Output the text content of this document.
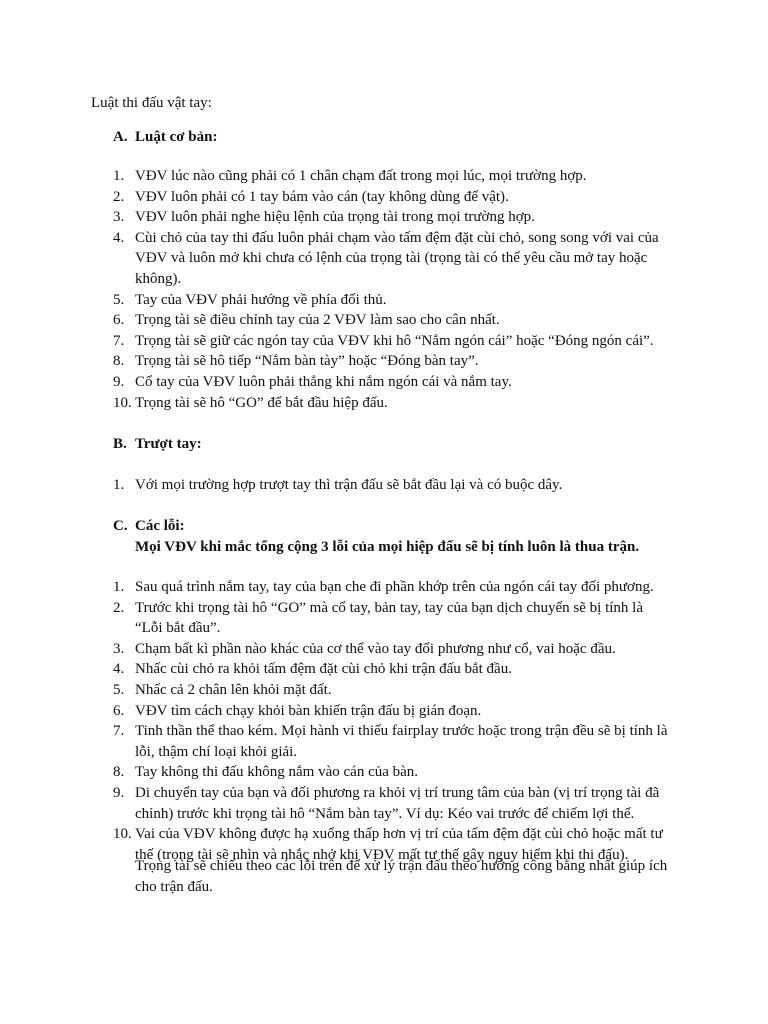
Luật thi đấu vật tay:
A. Luật cơ bản:
1. VĐV lúc nào cũng phải có 1 chân chạm đất trong mọi lúc, mọi trường hợp.
2. VĐV luôn phải có 1 tay bám vào cán (tay không dùng để vật).
3. VĐV luôn phải nghe hiệu lệnh của trọng tài trong mọi trường hợp.
4. Cùi chỏ của tay thi đấu luôn phải chạm vào tấm đệm đặt cùi chỏ, song song với vai của VĐV và luôn mở khi chưa có lệnh của trọng tài (trọng tài có thể yêu cầu mở tay hoặc không).
5. Tay của VĐV phải hướng về phía đối thủ.
6. Trọng tài sẽ điều chỉnh tay của 2 VĐV làm sao cho cân nhất.
7. Trọng tài sẽ giữ các ngón tay của VĐV khi hô “Nắm ngón cái” hoặc “Đóng ngón cái”.
8. Trọng tài sẽ hô tiếp “Nắm bàn tày” hoặc “Đóng bàn tay”.
9. Cổ tay của VĐV luôn phải thẳng khi nắm ngón cái và nắm tay.
10. Trọng tài sẽ hô “GO” để bắt đầu hiệp đấu.
B. Trượt tay:
1. Với mọi trường hợp trượt tay thì trận đấu sẽ bắt đầu lại và có buộc dây.
C. Các lỗi:
Mọi VĐV khi mắc tổng cộng 3 lỗi của mọi hiệp đấu sẽ bị tính luôn là thua trận.
1. Sau quá trình nắm tay, tay của bạn che đi phần khớp trên của ngón cái tay đối phương.
2. Trước khi trọng tài hô “GO” mà cổ tay, bản tay, tay của bạn dịch chuyển sẽ bị tính là “Lỗi bắt đầu”.
3. Chạm bất kì phần nào khác của cơ thể vào tay đối phương như cổ, vai hoặc đầu.
4. Nhấc cùi chỏ ra khỏi tấm đệm đặt cùi chỏ khi trận đấu bắt đầu.
5. Nhấc cả 2 chân lên khỏi mặt đất.
6. VĐV tìm cách chạy khỏi bàn khiến trận đấu bị gián đoạn.
7. Tinh thần thể thao kém. Mọi hành vi thiếu fairplay trước hoặc trong trận đều sẽ bị tính là lỗi, thậm chí loại khỏi giải.
8. Tay không thi đấu không nắm vào cán của bàn.
9. Di chuyển tay của bạn và đối phương ra khỏi vị trí trung tâm của bàn (vị trí trọng tài đã chỉnh) trước khi trọng tài hô “Nắm bàn tay”. Ví dụ: Kéo vai trước để chiếm lợi thế.
10. Vai của VĐV không được hạ xuống thấp hơn vị trí của tấm đệm đặt cùi chỏ hoặc mất tư thế (trọng tài sẽ nhìn và nhắc nhở khi VĐV mất tư thế gây nguy hiểm khi thi đấu).
Trọng tài sẽ chiếu theo các lỗi trên để xử lý trận đấu theo hướng công bằng nhất giúp ích cho trận đấu.
